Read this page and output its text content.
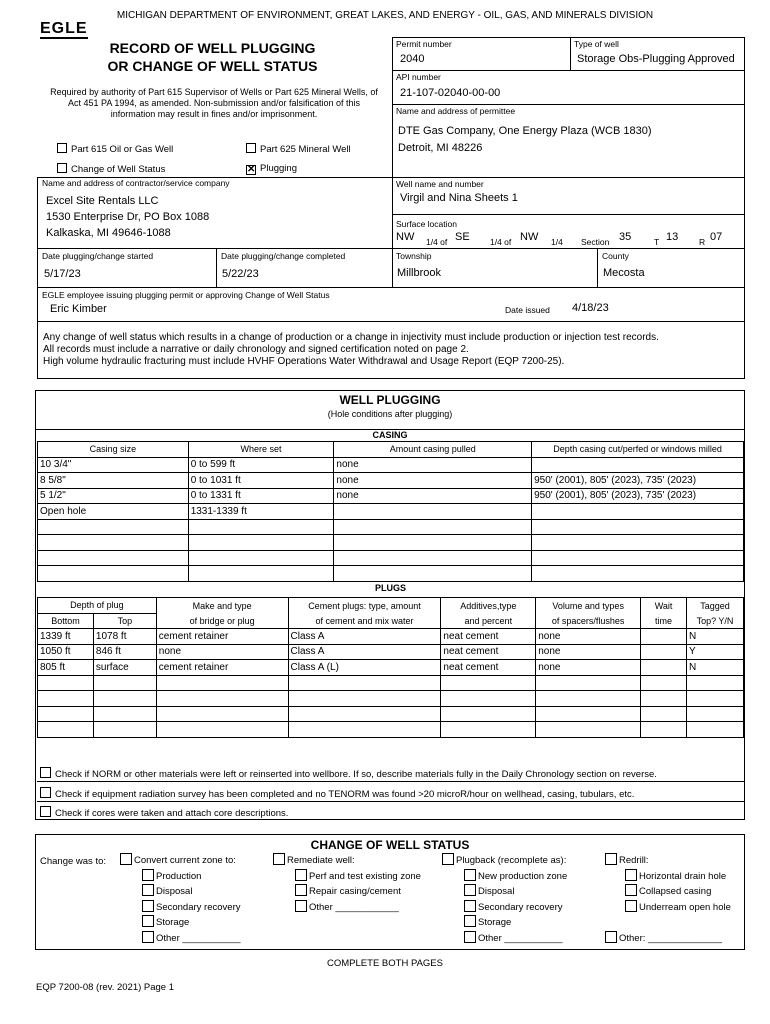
MICHIGAN DEPARTMENT OF ENVIRONMENT, GREAT LAKES, AND ENERGY - OIL, GAS, AND MINERALS DIVISION
EGLE
RECORD OF WELL PLUGGING
OR CHANGE OF WELL STATUS
Required by authority of Part 615 Supervisor of Wells or Part 625 Mineral Wells, of Act 451 PA 1994, as amended. Non-submission and/or falsification of this information may result in fines and/or imprisonment.
Part 615 Oil or Gas Well	Part 625 Mineral Well
Change of Well Status	✕ Plugging
Permit number
2040
Type of well
Storage Obs-Plugging Approved
API number
21-107-02040-00-00
Name and address of permittee
DTE Gas Company, One Energy Plaza (WCB 1830)
Detroit, MI 48226
Name and address of contractor/service company
Excel Site Rentals LLC
1530 Enterprise Dr, PO Box 1088
Kalkaska, MI 49646-1088
Well name and number
Virgil and Nina Sheets 1
Surface location
NW 1/4 of SE 1/4 of NW 1/4 Section 35	T 13 R 07
Date plugging/change started
5/17/23
Date plugging/change completed
5/22/23
Township
Millbrook
County
Mecosta
EGLE employee issuing plugging permit or approving Change of Well Status
Eric Kimber	Date issued 4/18/23
Any change of well status which results in a change of production or a change in injectivity must include production or injection test records.
All records must include a narrative or daily chronology and signed certification noted on page 2.
High volume hydraulic fracturing must include HVHF Operations Water Withdrawal and Usage Report (EQP 7200-25).
WELL PLUGGING
(Hole conditions after plugging)
CASING
Casing size	Where set	Amount casing pulled	Depth casing cut/perfed or windows milled
10 3/4"	0 to 599 ft	none	
8 5/8"	0 to 1031 ft	none	950' (2001), 805' (2023), 735' (2023)
5 1/2"	0 to 1331 ft	none	950' (2001), 805' (2023), 735' (2023)
Open hole	1331-1339 ft		

PLUGS
Depth of plug		Make and type	Cement plugs: type, amount	Additives,type	Volume and types	Wait	Tagged
Bottom	Top	of bridge or plug	of cement and mix water	and percent	of spacers/flushes	time	Top? Y/N
1339 ft	1078 ft	cement retainer	Class A	neat cement	none		N
1050 ft	846 ft	none	Class A	neat cement	none		Y
805 ft	surface	cement retainer	Class A (L)	neat cement	none		N

Check if NORM or other materials were left or reinserted into wellbore. If so, describe materials fully in the Daily Chronology section on reverse.
Check if equipment radiation survey has been completed and no TENORM was found >20 microR/hour on wellhead, casing, tubulars, etc.
Check if cores were taken and attach core descriptions.
CHANGE OF WELL STATUS
Change was to:	Convert current zone to:
Production
Disposal
Secondary recovery
Storage
Other ___________
Remediate well:
Perf and test existing zone
Repair casing/cement
Other ____________
Plugback (recomplete as):
New production zone
Disposal
Secondary recovery
Storage
Other ___________
Redrill:
Horizontal drain hole
Collapsed casing
Underream open hole
Other: ______________
COMPLETE BOTH PAGES
EQP 7200-08 (rev. 2021) Page 1
